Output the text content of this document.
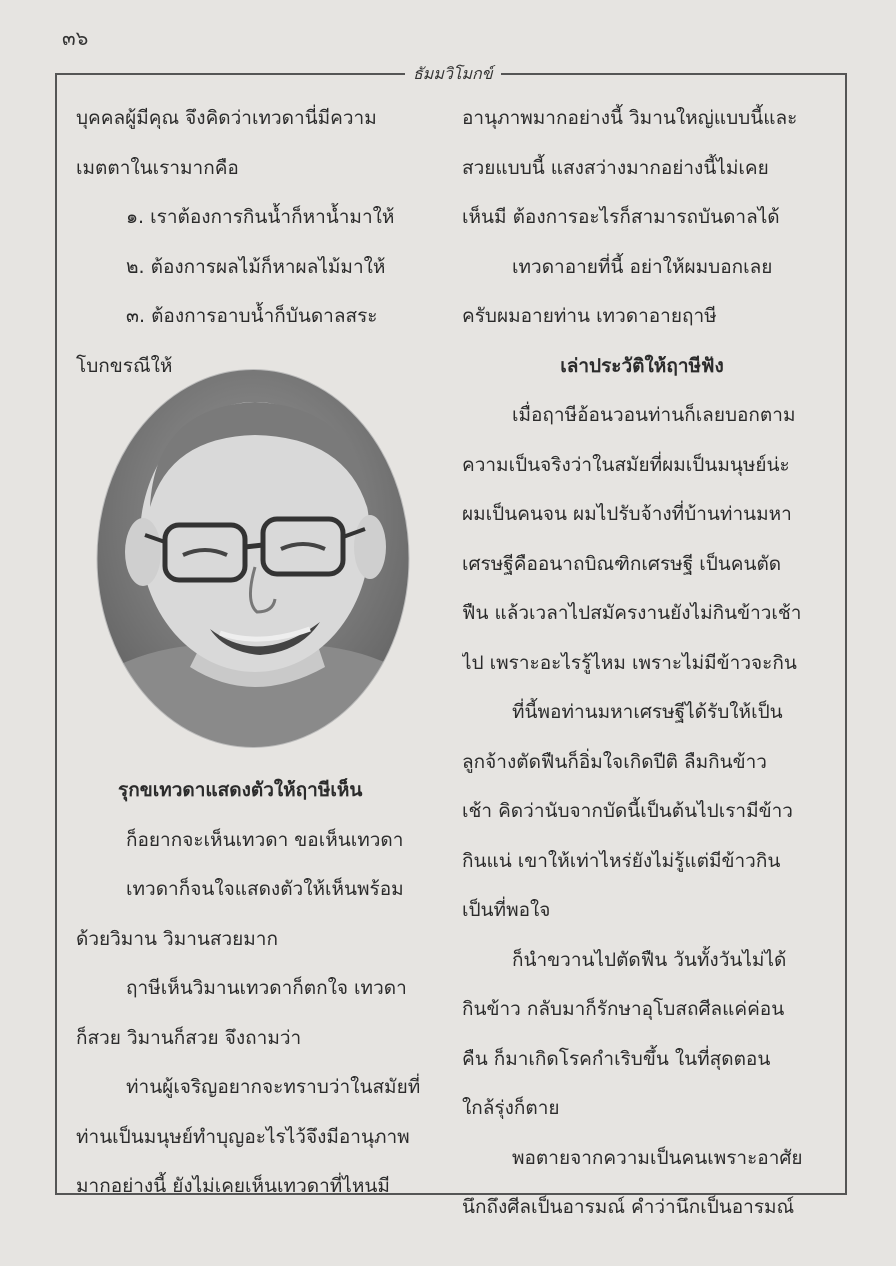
๓๖
ธัมมวิโมกข์
บุคคลผู้มีคุณ จึงคิดว่าเทวดานี่มีความ
เมตตาในเรามากคือ
๑. เราต้องการกินน้ำก็หาน้ำมาให้
๒. ต้องการผลไม้ก็หาผลไม้มาให้
๓. ต้องการอาบน้ำก็บันดาลสระ
โบกขรณีให้
รุกขเทวดาแสดงตัวให้ฤาษีเห็น
ก็อยากจะเห็นเทวดา ขอเห็นเทวดา
เทวดาก็จนใจแสดงตัวให้เห็นพร้อม
ด้วยวิมาน วิมานสวยมาก
ฤาษีเห็นวิมานเทวดาก็ตกใจ เทวดา
ก็สวย วิมานก็สวย จึงถามว่า
ท่านผู้เจริญอยากจะทราบว่าในสมัยที่
ท่านเป็นมนุษย์ทำบุญอะไรไว้จึงมีอานุภาพ
มากอย่างนี้ ยังไม่เคยเห็นเทวดาที่ไหนมี
อานุภาพมากอย่างนี้ วิมานใหญ่แบบนี้และ
สวยแบบนี้ แสงสว่างมากอย่างนี้ไม่เคย
เห็นมี ต้องการอะไรก็สามารถบันดาลได้
เทวดาอายที่นี้ อย่าให้ผมบอกเลย
ครับผมอายท่าน เทวดาอายฤาษี
เล่าประวัติให้ฤาษีฟัง
เมื่อฤาษีอ้อนวอนท่านก็เลยบอกตาม
ความเป็นจริงว่าในสมัยที่ผมเป็นมนุษย์น่ะ
ผมเป็นคนจน ผมไปรับจ้างที่บ้านท่านมหา
เศรษฐีคืออนาถบิณฑิกเศรษฐี เป็นคนตัด
ฟืน แล้วเวลาไปสมัครงานยังไม่กินข้าวเช้า
ไป เพราะอะไรรู้ไหม เพราะไม่มีข้าวจะกิน
ที่นี้พอท่านมหาเศรษฐีได้รับให้เป็น
ลูกจ้างตัดฟืนก็อิ่มใจเกิดปีติ ลืมกินข้าว
เช้า คิดว่านับจากบัดนี้เป็นต้นไปเรามีข้าว
กินแน่ เขาให้เท่าไหร่ยังไม่รู้แต่มีข้าวกิน
เป็นที่พอใจ
ก็นำขวานไปตัดฟืน วันทั้งวันไม่ได้
กินข้าว กลับมาก็รักษาอุโบสถศีลแค่ค่อน
คืน ก็มาเกิดโรคกำเริบขึ้น ในที่สุดตอน
ใกล้รุ่งก็ตาย
พอตายจากความเป็นคนเพราะอาศัย
นึกถึงศีลเป็นอารมณ์ คำว่านึกเป็นอารมณ์
